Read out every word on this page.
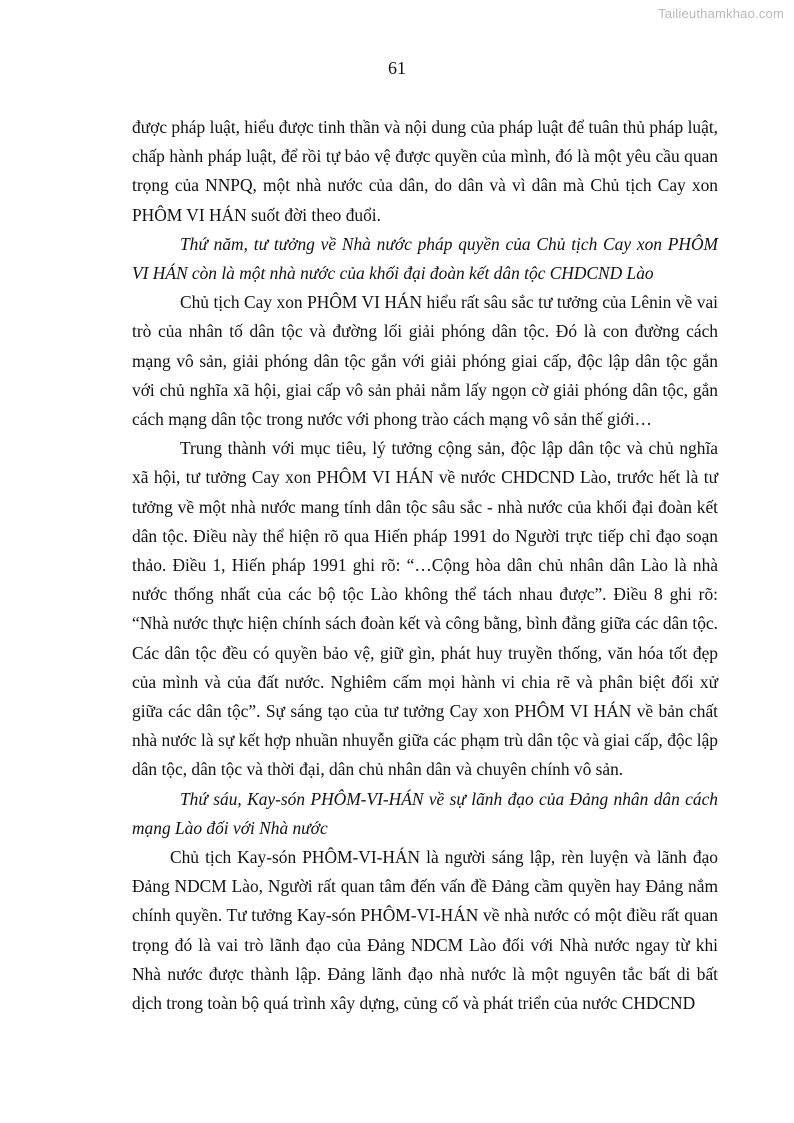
Tailieuthamkhao.com
61

được pháp luật, hiểu được tinh thần và nội dung của pháp luật để tuân thủ pháp luật, chấp hành pháp luật, để rồi tự bảo vệ được quyền của mình, đó là một yêu cầu quan trọng của NNPQ, một nhà nước của dân, do dân và vì dân mà Chủ tịch Cay xon PHÔM VI HÁN suốt đời theo đuổi.

Thứ năm, tư tưởng về Nhà nước pháp quyền của Chủ tịch Cay xon PHÔM VI HÁN còn là một nhà nước của khối đại đoàn kết dân tộc CHDCND Lào

Chủ tịch Cay xon PHÔM VI HÁN hiểu rất sâu sắc tư tưởng của Lênin về vai trò của nhân tố dân tộc và đường lối giải phóng dân tộc. Đó là con đường cách mạng vô sản, giải phóng dân tộc gắn với giải phóng giai cấp, độc lập dân tộc gắn với chủ nghĩa xã hội, giai cấp vô sản phải nắm lấy ngọn cờ giải phóng dân tộc, gắn cách mạng dân tộc trong nước với phong trào cách mạng vô sản thế giới…

Trung thành với mục tiêu, lý tưởng cộng sản, độc lập dân tộc và chủ nghĩa xã hội, tư tưởng Cay xon PHÔM VI HÁN về nước CHDCND Lào, trước hết là tư tưởng về một nhà nước mang tính dân tộc sâu sắc - nhà nước của khối đại đoàn kết dân tộc. Điều này thể hiện rõ qua Hiến pháp 1991 do Người trực tiếp chỉ đạo soạn thảo. Điều 1, Hiến pháp 1991 ghi rõ: “…Cộng hòa dân chủ nhân dân Lào là nhà nước thống nhất của các bộ tộc Lào không thể tách nhau được”. Điều 8 ghi rõ: “Nhà nước thực hiện chính sách đoàn kết và công bằng, bình đẳng giữa các dân tộc. Các dân tộc đều có quyền bảo vệ, giữ gìn, phát huy truyền thống, văn hóa tốt đẹp của mình và của đất nước. Nghiêm cấm mọi hành vi chia rẽ và phân biệt đối xử giữa các dân tộc”. Sự sáng tạo của tư tưởng Cay xon PHÔM VI HÁN về bản chất nhà nước là sự kết hợp nhuần nhuyễn giữa các phạm trù dân tộc và giai cấp, độc lập dân tộc, dân tộc và thời đại, dân chủ nhân dân và chuyên chính vô sản.

Thứ sáu, Kay-són PHÔM-VI-HÁN về sự lãnh đạo của Đảng nhân dân cách mạng Lào đối với Nhà nước

Chủ tịch Kay-són PHÔM-VI-HÁN là người sáng lập, rèn luyện và lãnh đạo Đảng NDCM Lào, Người rất quan tâm đến vấn đề Đảng cầm quyền hay Đảng nắm chính quyền. Tư tưởng Kay-són PHÔM-VI-HÁN về nhà nước có một điều rất quan trọng đó là vai trò lãnh đạo của Đảng NDCM Lào đối với Nhà nước ngay từ khi Nhà nước được thành lập. Đảng lãnh đạo nhà nước là một nguyên tắc bất di bất dịch trong toàn bộ quá trình xây dựng, củng cố và phát triển của nước CHDCND
